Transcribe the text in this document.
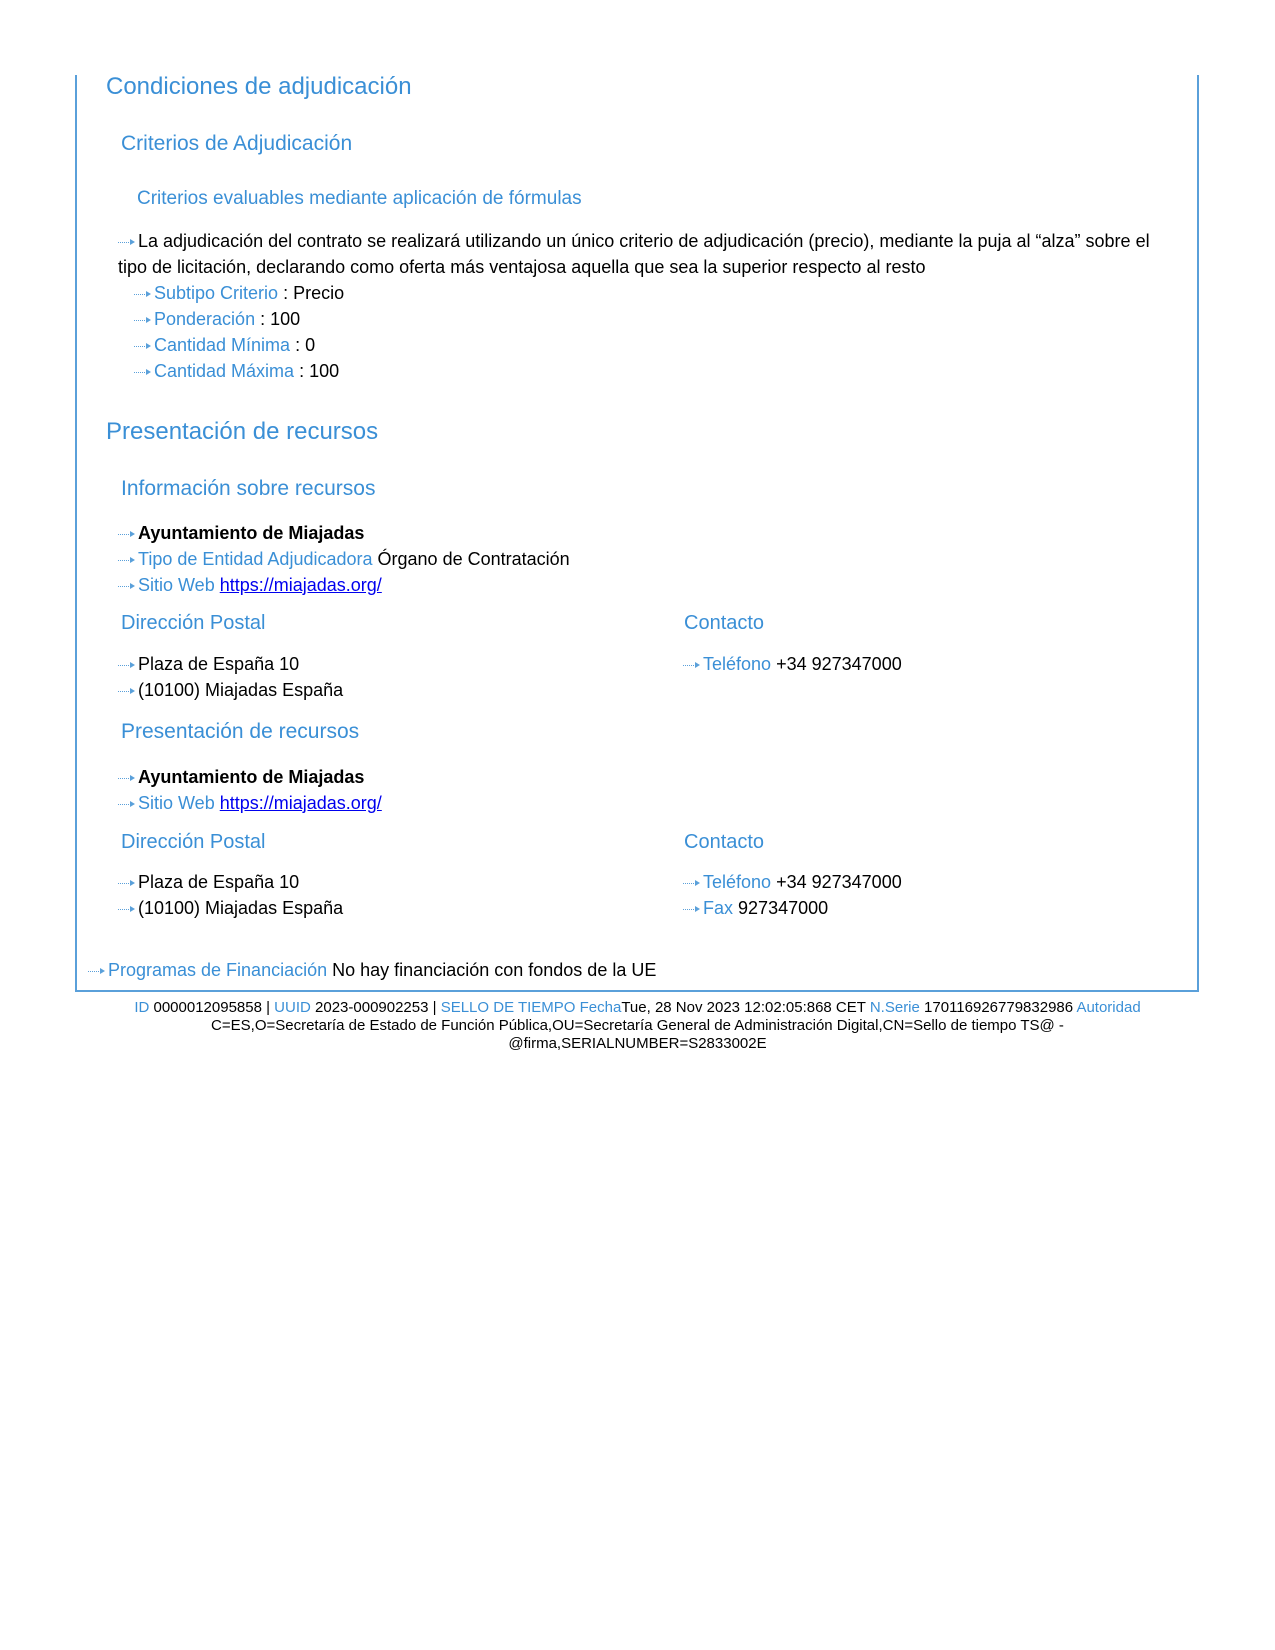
Condiciones de adjudicación
Criterios de Adjudicación
Criterios evaluables mediante aplicación de fórmulas
La adjudicación del contrato se realizará utilizando un único criterio de adjudicación (precio), mediante la puja al “alza” sobre el tipo de licitación, declarando como oferta más ventajosa aquella que sea la superior respecto al resto
Subtipo Criterio : Precio
Ponderación : 100
Cantidad Mínima : 0
Cantidad Máxima : 100
Presentación de recursos
Información sobre recursos
Ayuntamiento de Miajadas
Tipo de Entidad Adjudicadora Órgano de Contratación
Sitio Web https://miajadas.org/
Dirección Postal	Contacto
Plaza de España 10
(10100) Miajadas España
Teléfono +34 927347000
Presentación de recursos
Ayuntamiento de Miajadas
Sitio Web https://miajadas.org/
Dirección Postal	Contacto
Plaza de España 10
(10100) Miajadas España
Teléfono +34 927347000
Fax 927347000
Programas de Financiación No hay financiación con fondos de la UE
ID 0000012095858 | UUID 2023-000902253 | SELLO DE TIEMPO FechaTue, 28 Nov 2023 12:02:05:868 CET N.Serie 170116926779832986 Autoridad C=ES,O=Secretaría de Estado de Función Pública,OU=Secretaría General de Administración Digital,CN=Sello de tiempo TS@ - @firma,SERIALNUMBER=S2833002E
